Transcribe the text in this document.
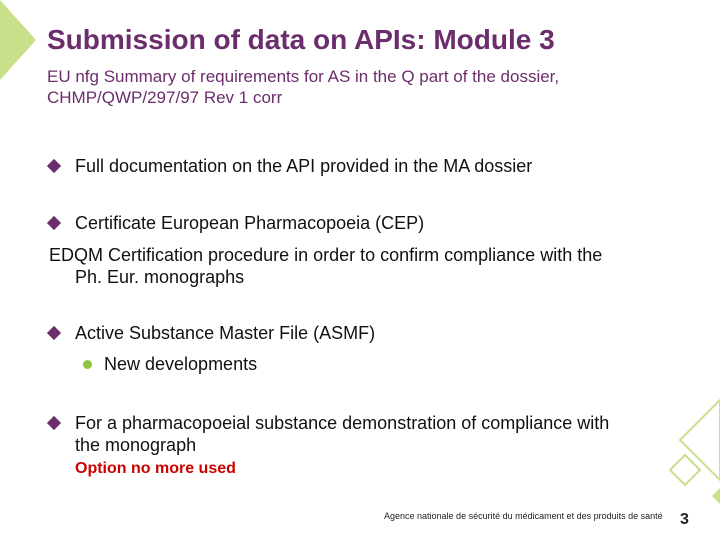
Submission of data on APIs: Module 3
EU nfg Summary of requirements for AS in the Q part of the dossier,
CHMP/QWP/297/97 Rev 1 corr
Full documentation on the API provided in the MA dossier
Certificate European Pharmacopoeia (CEP)
EDQM Certification procedure in order to confirm compliance with the
Ph. Eur. monographs
Active Substance Master File (ASMF)
New developments
For a pharmacopoeial substance demonstration of compliance with
the monograph
Option no more used
Agence nationale de sécurité du médicament et des produits de santé 3
